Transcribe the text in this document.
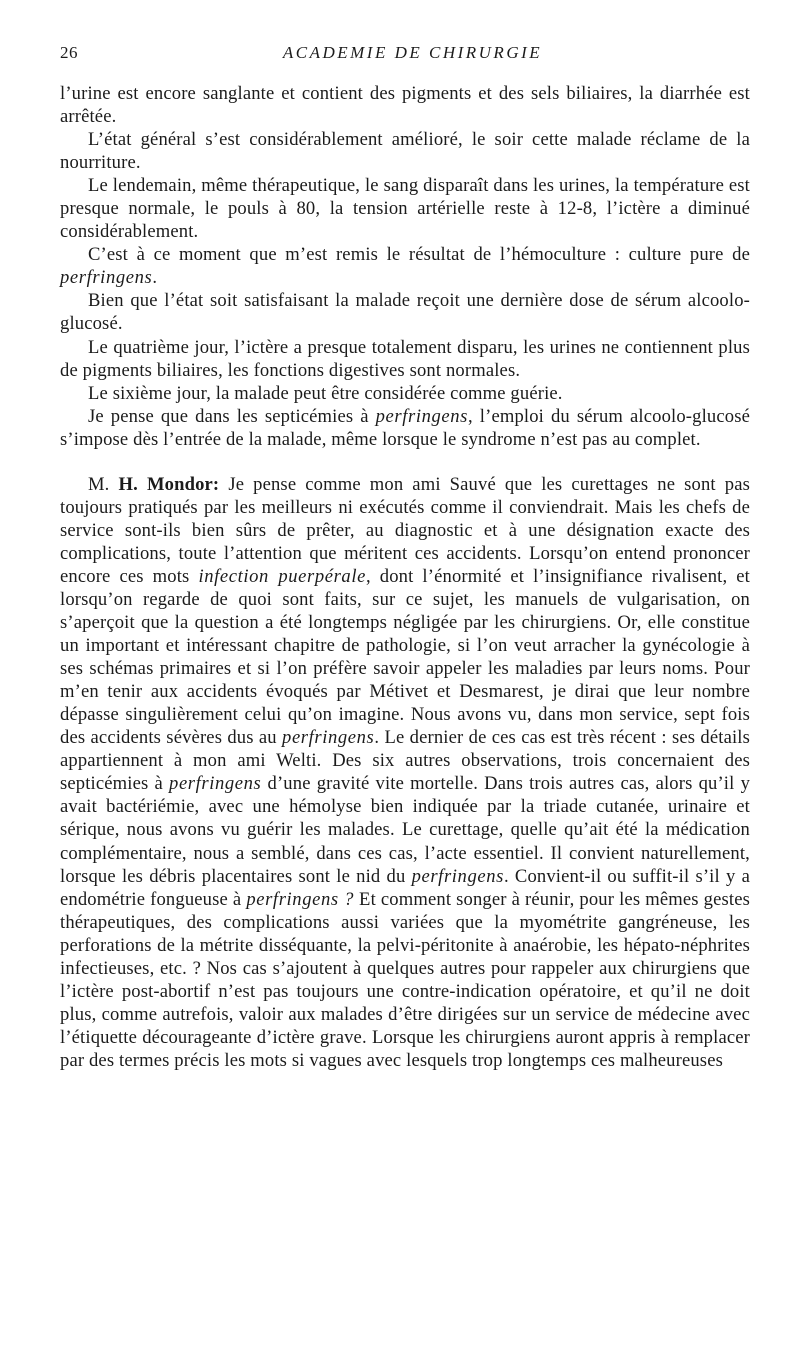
26	ACADEMIE DE CHIRURGIE

l’urine est encore sanglante et contient des pigments et des sels biliaires, la diarrhée est arrêtée.

L’état général s’est considérablement amélioré, le soir cette malade réclame de la nourriture.

Le lendemain, même thérapeutique, le sang disparaît dans les urines, la température est presque normale, le pouls à 80, la tension artérielle reste à 12-8, l’ictère a diminué considérablement.

C’est à ce moment que m’est remis le résultat de l’hémoculture : culture pure de perfringens.

Bien que l’état soit satisfaisant la malade reçoit une dernière dose de sérum alcoolo-glucosé.

Le quatrième jour, l’ictère a presque totalement disparu, les urines ne contiennent plus de pigments biliaires, les fonctions digestives sont normales.

Le sixième jour, la malade peut être considérée comme guérie.

Je pense que dans les septicémies à perfringens, l’emploi du sérum alcoolo-glucosé s’impose dès l’entrée de la malade, même lorsque le syndrome n’est pas au complet.

M. H. Mondor: Je pense comme mon ami Sauvé que les curettages ne sont pas toujours pratiqués par les meilleurs ni exécutés comme il conviendrait. Mais les chefs de service sont-ils bien sûrs de prêter, au diagnostic et à une désignation exacte des complications, toute l’attention que méritent ces accidents. Lorsqu’on entend prononcer encore ces mots infection puerpérale, dont l’énormité et l’insignifiance rivalisent, et lorsqu’on regarde de quoi sont faits, sur ce sujet, les manuels de vulgarisation, on s’aperçoit que la question a été longtemps négligée par les chirurgiens. Or, elle constitue un important et intéressant chapitre de pathologie, si l’on veut arracher la gynécologie à ses schémas primaires et si l’on préfère savoir appeler les maladies par leurs noms. Pour m’en tenir aux accidents évoqués par Métivet et Desmarest, je dirai que leur nombre dépasse singulièrement celui qu’on imagine. Nous avons vu, dans mon service, sept fois des accidents sévères dus au perfringens. Le dernier de ces cas est très récent : ses détails appartiennent à mon ami Welti. Des six autres observations, trois concernaient des septicémies à perfringens d’une gravité vite mortelle. Dans trois autres cas, alors qu’il y avait bactériémie, avec une hémolyse bien indiquée par la triade cutanée, urinaire et sérique, nous avons vu guérir les malades. Le curettage, quelle qu’ait été la médication complémentaire, nous a semblé, dans ces cas, l’acte essentiel. Il convient naturellement, lorsque les débris placentaires sont le nid du perfringens. Convient-il ou suffit-il s’il y a endométrie fongueuse à perfringens ? Et comment songer à réunir, pour les mêmes gestes thérapeutiques, des complications aussi variées que la myométrite gangréneuse, les perforations de la métrite disséquante, la pelvi-péritonite à anaérobie, les hépato-néphrites infectieuses, etc. ? Nos cas s’ajoutent à quelques autres pour rappeler aux chirurgiens que l’ictère post-abortif n’est pas toujours une contre-indication opératoire, et qu’il ne doit plus, comme autrefois, valoir aux malades d’être dirigées sur un service de médecine avec l’étiquette décourageante d’ictère grave. Lorsque les chirurgiens auront appris à remplacer par des termes précis les mots si vagues avec lesquels trop longtemps ces malheureuses
